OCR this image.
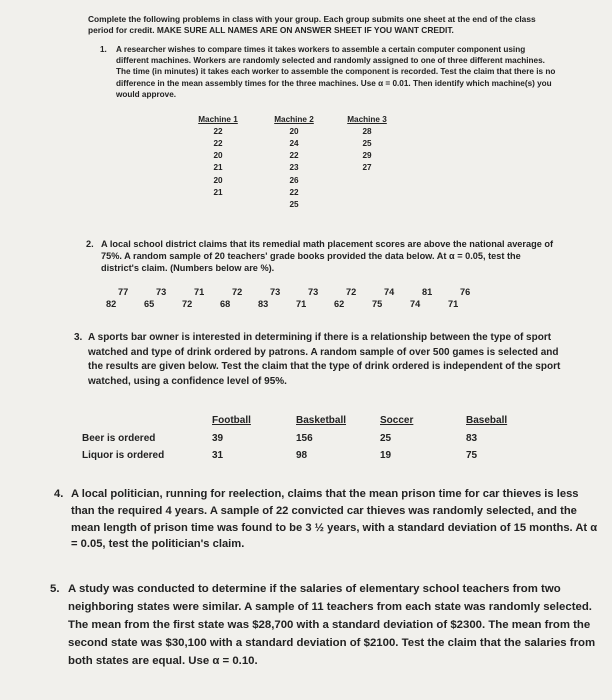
Complete the following problems in class with your group. Each group submits one sheet at the end of the class period for credit. MAKE SURE ALL NAMES ARE ON ANSWER SHEET IF YOU WANT CREDIT.
1. A researcher wishes to compare times it takes workers to assemble a certain computer component using different machines. Workers are randomly selected and randomly assigned to one of three different machines. The time (in minutes) it takes each worker to assemble the component is recorded. Test the claim that there is no difference in the mean assembly times for the three machines. Use α = 0.01. Then identify which machine(s) you would approve.
Machine 1	Machine 2	Machine 3
22	20	28
22	24	25
20	22	29
21	23	27
20	26	
21	22	
	25	
2. A local school district claims that its remedial math placement scores are above the national average of 75%. A random sample of 20 teachers' grade books provided the data below. At α = 0.05, test the district's claim. (Numbers below are %).
77	73	71	72	73	73	72	74	81	76
82	65	72	68	83	71	62	75	74	71
3. A sports bar owner is interested in determining if there is a relationship between the type of sport watched and type of drink ordered by patrons. A random sample of over 500 games is selected and the results are given below. Test the claim that the type of drink ordered is independent of the sport watched, using a confidence level of 95%.
	Football	Basketball	Soccer	Baseball
Beer is ordered	39	156	25	83
Liquor is ordered	31	98	19	75
4. A local politician, running for reelection, claims that the mean prison time for car thieves is less than the required 4 years. A sample of 22 convicted car thieves was randomly selected, and the mean length of prison time was found to be 3 ½ years, with a standard deviation of 15 months. At α = 0.05, test the politician's claim.
5. A study was conducted to determine if the salaries of elementary school teachers from two neighboring states were similar. A sample of 11 teachers from each state was randomly selected. The mean from the first state was $28,700 with a standard deviation of $2300. The mean from the second state was $30,100 with a standard deviation of $2100. Test the claim that the salaries from both states are equal. Use α = 0.10.
